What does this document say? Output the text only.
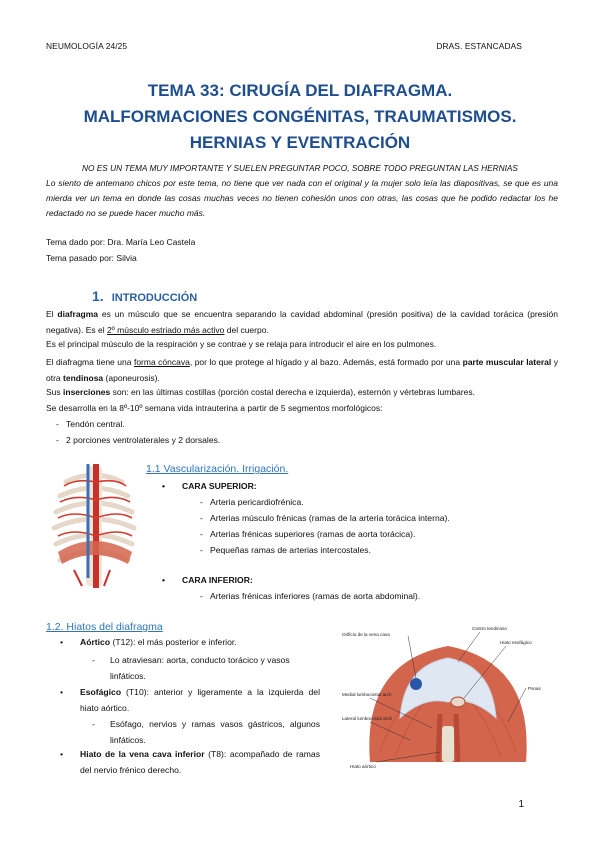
NEUMOLOGÍA 24/25	DRAS. ESTANCADAS
TEMA 33: CIRUGÍA DEL DIAFRAGMA.
MALFORMACIONES CONGÉNITAS, TRAUMATISMOS.
HERNIAS Y EVENTRACIÓN
NO ES UN TEMA MUY IMPORTANTE Y SUELEN PREGUNTAR POCO, SOBRE TODO PREGUNTAN LAS HERNIAS
Lo siento de antemano chicos por este tema, no tiene que ver nada con el original y la mujer solo leía las diapositivas, se que es una mierda ver un tema en donde las cosas muchas veces no tienen cohesión unos con otras, las cosas que he podido redactar los he redactado no se puede hacer mucho más.
Tema dado por: Dra. María Leo Castela
Tema pasado por: Silvia
1. INTRODUCCIÓN
El diafragma es un músculo que se encuentra separando la cavidad abdominal (presión positiva) de la cavidad torácica (presión negativa). Es el 2º músculo estriado más activo del cuerpo.
Es el principal músculo de la respiración y se contrae y se relaja para introducir el aire en los pulmones.
El diafragma tiene una forma cóncava, por lo que protege al hígado y al bazo. Además, está formado por una parte muscular lateral y otra tendinosa (aponeurosis).
Sus inserciones son: en las últimas costillas (porción costal derecha e izquierda), esternón y vértebras lumbares.
Se desarrolla en la 8º-10º semana vida intrauterina a partir de 5 segmentos morfológicos:
- Tendón central.
- 2 porciones ventrolaterales y 2 dorsales.
1.1 Vascularización. Irrigación.
• CARA SUPERIOR:
- Arteria pericardiofrénica.
- Arterias músculo frénicas (ramas de la arteria torácica interna).
- Arterias frénicas superiores (ramas de aorta torácica).
- Pequeñas ramas de arterias intercostales.
• CARA INFERIOR:
- Arterias frénicas inferiores (ramas de aorta abdominal).
1.2. Hiatos del diafragma
• Aórtico (T12): el más posterior e inferior.
- Lo atraviesan: aorta, conducto torácico y vasos linfáticos.
• Esofágico (T10): anterior y ligeramente a la izquierda del hiato aórtico.
- Esófago, nervios y ramas vasos gástricos, algunos linfáticos.
• Hiato de la vena cava inferior (T8): acompañado de ramas del nervio frénico derecho.
Orificio de la vena cava
Centro tendinoso
Hiato esofágico
Psoas
Medial lumbocostal arch
Lateral lumbocostal arch
Hiato aórtico
1
